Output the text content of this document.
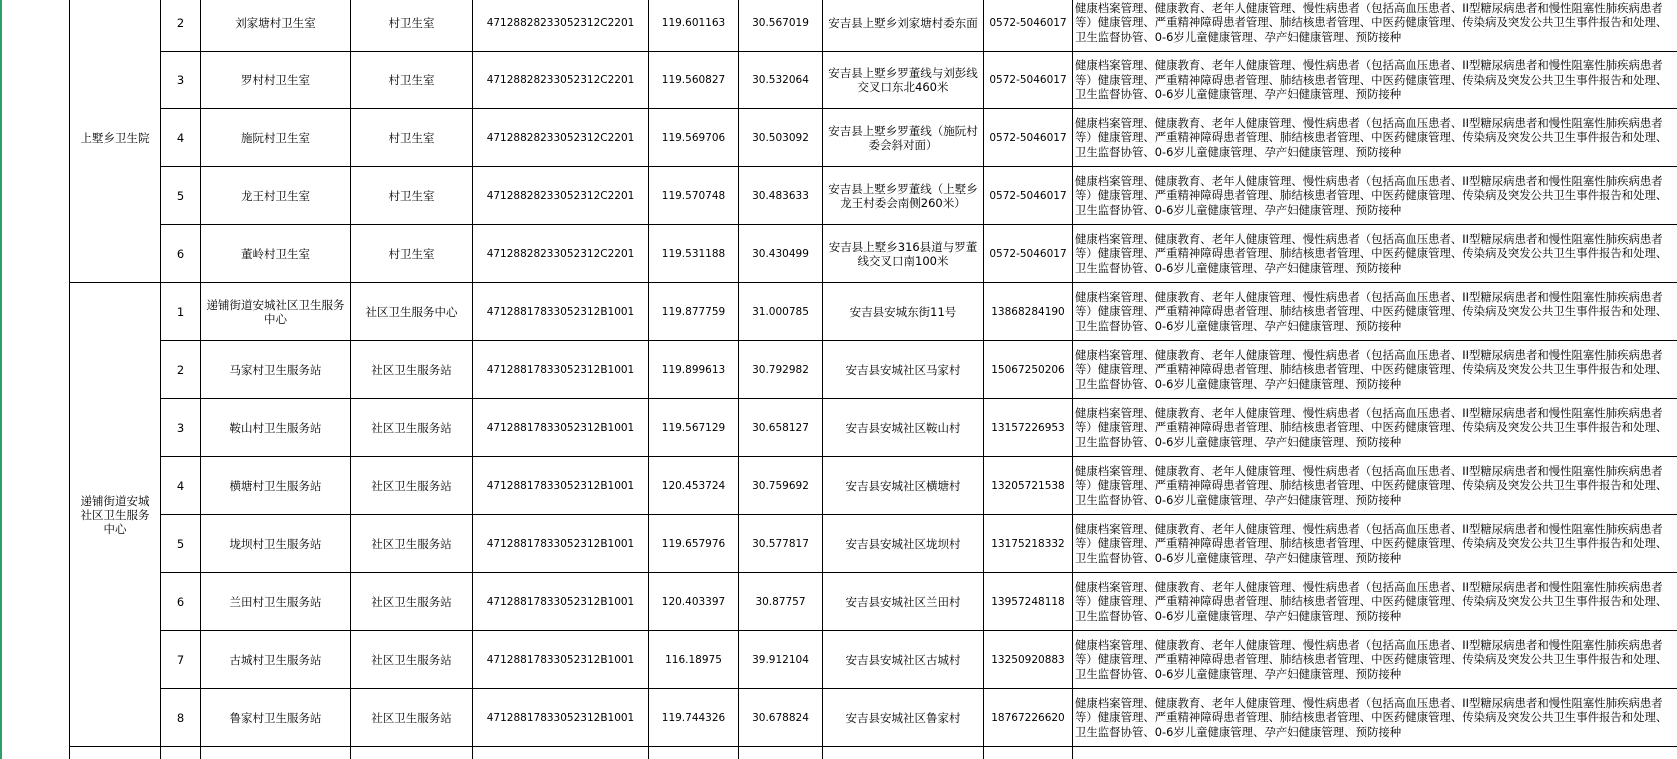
上墅乡卫生院
递铺街道安城社区卫生服务中心
2	刘家塘村卫生室	村卫生室	47128828233052312C2201	119.601163	30.567019 安吉县上墅乡刘家塘村委东面 0572-5046017
健康档案管理、健康教育、老年人健康管理、慢性病患者（包括高血压患者、II型糖尿病患者和慢性阻塞性肺疾病患者等）健康管理、严重精神障碍患者管理、肺结核患者管理、中医药健康管理、传染病及突发公共卫生事件报告和处理、卫生监督协管、0-6岁儿童健康管理、孕产妇健康管理、预防接种
3	罗村村卫生室	村卫生室	47128828233052312C2201	119.560827	30.532064 安吉县上墅乡罗董线与刘彭线交叉口东北460米	0572-5046017
健康档案管理、健康教育、老年人健康管理、慢性病患者（包括高血压患者、II型糖尿病患者和慢性阻塞性肺疾病患者等）健康管理、严重精神障碍患者管理、肺结核患者管理、中医药健康管理、传染病及突发公共卫生事件报告和处理、卫生监督协管、0-6岁儿童健康管理、孕产妇健康管理、预防接种
4	施阮村卫生室	村卫生室	47128828233052312C2201	119.569706	30.503092 安吉县上墅乡罗董线（施阮村委会斜对面）	0572-5046017
健康档案管理、健康教育、老年人健康管理、慢性病患者（包括高血压患者、II型糖尿病患者和慢性阻塞性肺疾病患者等）健康管理、严重精神障碍患者管理、肺结核患者管理、中医药健康管理、传染病及突发公共卫生事件报告和处理、卫生监督协管、0-6岁儿童健康管理、孕产妇健康管理、预防接种
5	龙王村卫生室	村卫生室	47128828233052312C2201	119.570748	30.483633 安吉县上墅乡罗董线（上墅乡龙王村委会南侧260米）	0572-5046017
健康档案管理、健康教育、老年人健康管理、慢性病患者（包括高血压患者、II型糖尿病患者和慢性阻塞性肺疾病患者等）健康管理、严重精神障碍患者管理、肺结核患者管理、中医药健康管理、传染病及突发公共卫生事件报告和处理、卫生监督协管、0-6岁儿童健康管理、孕产妇健康管理、预防接种
6	董岭村卫生室	村卫生室	47128828233052312C2201	119.531188	30.430499	安吉县上墅乡316县道与罗董线交叉口南100米	0572-5046017
健康档案管理、健康教育、老年人健康管理、慢性病患者（包括高血压患者、II型糖尿病患者和慢性阻塞性肺疾病患者等）健康管理、严重精神障碍患者管理、肺结核患者管理、中医药健康管理、传染病及突发公共卫生事件报告和处理、卫生监督协管、0-6岁儿童健康管理、孕产妇健康管理、预防接种
1	递铺街道安城社区卫生服务中心	社区卫生服务中心	47128817833052312B1001	119.877759	31.000785	安吉县安城东街11号	13868284190
健康档案管理、健康教育、老年人健康管理、慢性病患者（包括高血压患者、II型糖尿病患者和慢性阻塞性肺疾病患者等）健康管理、严重精神障碍患者管理、肺结核患者管理、中医药健康管理、传染病及突发公共卫生事件报告和处理、卫生监督协管、0-6岁儿童健康管理、孕产妇健康管理、预防接种
2	马家村卫生服务站	社区卫生服务站	47128817833052312B1001	119.899613	30.792982	安吉县安城社区马家村	15067250206
健康档案管理、健康教育、老年人健康管理、慢性病患者（包括高血压患者、II型糖尿病患者和慢性阻塞性肺疾病患者等）健康管理、严重精神障碍患者管理、肺结核患者管理、中医药健康管理、传染病及突发公共卫生事件报告和处理、卫生监督协管、0-6岁儿童健康管理、孕产妇健康管理、预防接种
3	鞍山村卫生服务站	社区卫生服务站	47128817833052312B1001	119.567129	30.658127	安吉县安城社区鞍山村	13157226953
健康档案管理、健康教育、老年人健康管理、慢性病患者（包括高血压患者、II型糖尿病患者和慢性阻塞性肺疾病患者等）健康管理、严重精神障碍患者管理、肺结核患者管理、中医药健康管理、传染病及突发公共卫生事件报告和处理、卫生监督协管、0-6岁儿童健康管理、孕产妇健康管理、预防接种
4	横塘村卫生服务站	社区卫生服务站	47128817833052312B1001	120.453724	30.759692	安吉县安城社区横塘村	13205721538
健康档案管理、健康教育、老年人健康管理、慢性病患者（包括高血压患者、II型糖尿病患者和慢性阻塞性肺疾病患者等）健康管理、严重精神障碍患者管理、肺结核患者管理、中医药健康管理、传染病及突发公共卫生事件报告和处理、卫生监督协管、0-6岁儿童健康管理、孕产妇健康管理、预防接种
5	垅坝村卫生服务站	社区卫生服务站	47128817833052312B1001	119.657976	30.577817	安吉县安城社区垅坝村	13175218332
健康档案管理、健康教育、老年人健康管理、慢性病患者（包括高血压患者、II型糖尿病患者和慢性阻塞性肺疾病患者等）健康管理、严重精神障碍患者管理、肺结核患者管理、中医药健康管理、传染病及突发公共卫生事件报告和处理、卫生监督协管、0-6岁儿童健康管理、孕产妇健康管理、预防接种
6	兰田村卫生服务站	社区卫生服务站	47128817833052312B1001	120.403397	30.87757	安吉县安城社区兰田村	13957248118
健康档案管理、健康教育、老年人健康管理、慢性病患者（包括高血压患者、II型糖尿病患者和慢性阻塞性肺疾病患者等）健康管理、严重精神障碍患者管理、肺结核患者管理、中医药健康管理、传染病及突发公共卫生事件报告和处理、卫生监督协管、0-6岁儿童健康管理、孕产妇健康管理、预防接种
7	古城村卫生服务站	社区卫生服务站	47128817833052312B1001	116.18975	39.912104	安吉县安城社区古城村	13250920883
健康档案管理、健康教育、老年人健康管理、慢性病患者（包括高血压患者、II型糖尿病患者和慢性阻塞性肺疾病患者等）健康管理、严重精神障碍患者管理、肺结核患者管理、中医药健康管理、传染病及突发公共卫生事件报告和处理、卫生监督协管、0-6岁儿童健康管理、孕产妇健康管理、预防接种
8	鲁家村卫生服务站	社区卫生服务站	47128817833052312B1001	119.744326	30.678824	安吉县安城社区鲁家村	18767226620
健康档案管理、健康教育、老年人健康管理、慢性病患者（包括高血压患者、II型糖尿病患者和慢性阻塞性肺疾病患者等）健康管理、严重精神障碍患者管理、肺结核患者管理、中医药健康管理、传染病及突发公共卫生事件报告和处理、卫生监督协管、0-6岁儿童健康管理、孕产妇健康管理、预防接种
